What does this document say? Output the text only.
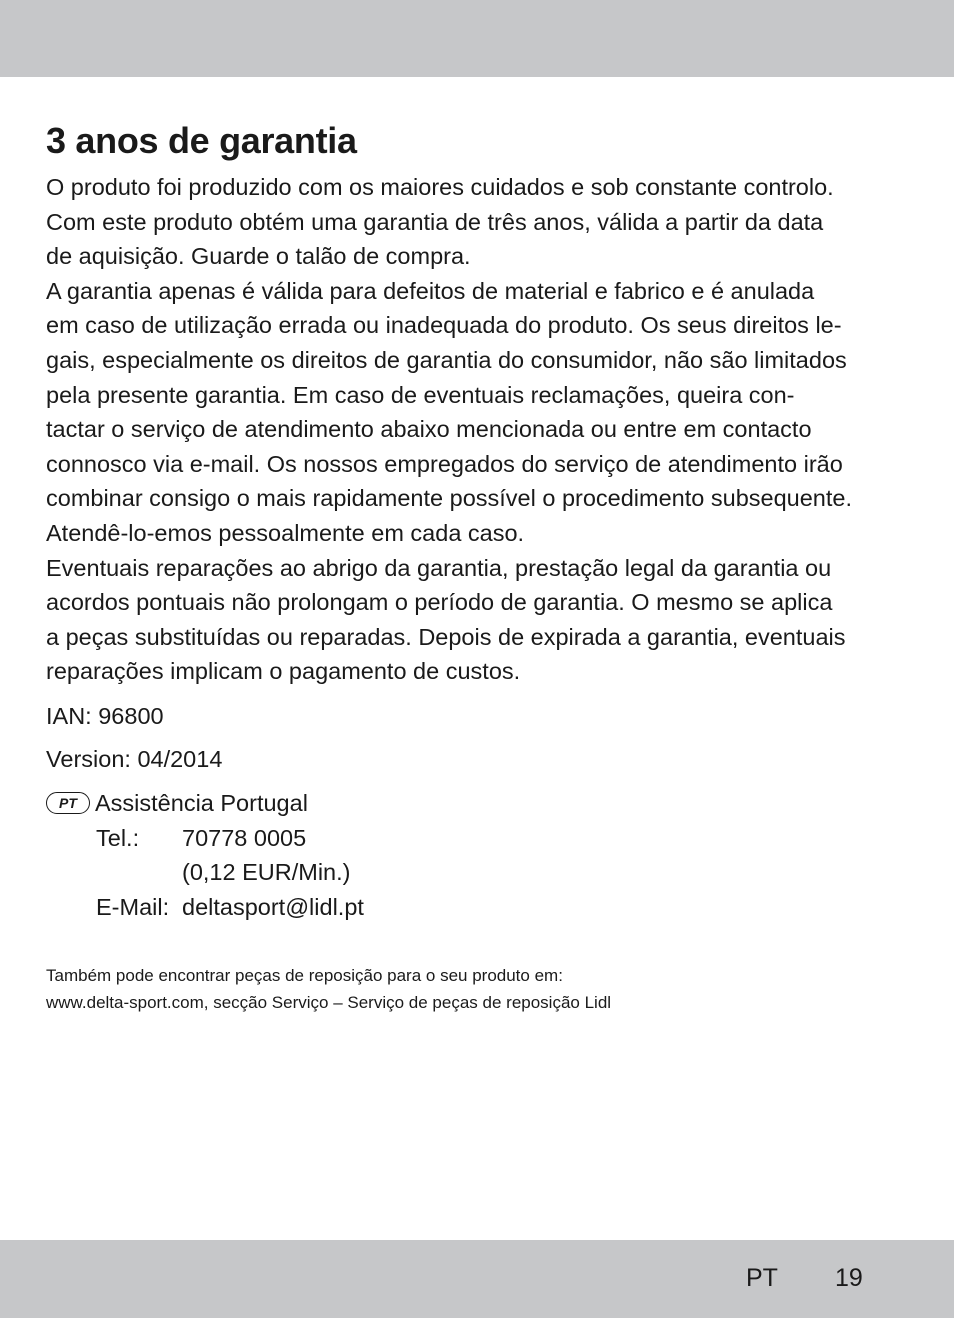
3 anos de garantia

O produto foi produzido com os maiores cuidados e sob constante controlo.
Com este produto obtém uma garantia de três anos, válida a partir da data
de aquisição. Guarde o talão de compra.

A garantia apenas é válida para defeitos de material e fabrico e é anulada
em caso de utilização errada ou inadequada do produto. Os seus direitos le-
gais, especialmente os direitos de garantia do consumidor, não são limitados
pela presente garantia. Em caso de eventuais reclamações, queira con-
tactar o serviço de atendimento abaixo mencionada ou entre em contacto
connosco via e-mail. Os nossos empregados do serviço de atendimento irão
combinar consigo o mais rapidamente possível o procedimento subsequente.
Atendê-lo-emos pessoalmente em cada caso.

Eventuais reparações ao abrigo da garantia, prestação legal da garantia ou
acordos pontuais não prolongam o período de garantia. O mesmo se aplica
a peças substituídas ou reparadas. Depois de expirada a garantia, eventuais
reparações implicam o pagamento de custos.

IAN: 96800

Version: 04/2014

PT Assistência Portugal
Tel.:	70778 0005
(0,12 EUR/Min.)
E-Mail: deltasport@lidl.pt

Também pode encontrar peças de reposição para o seu produto em:
www.delta-sport.com, secção Serviço – Serviço de peças de reposição Lidl

PT 19
